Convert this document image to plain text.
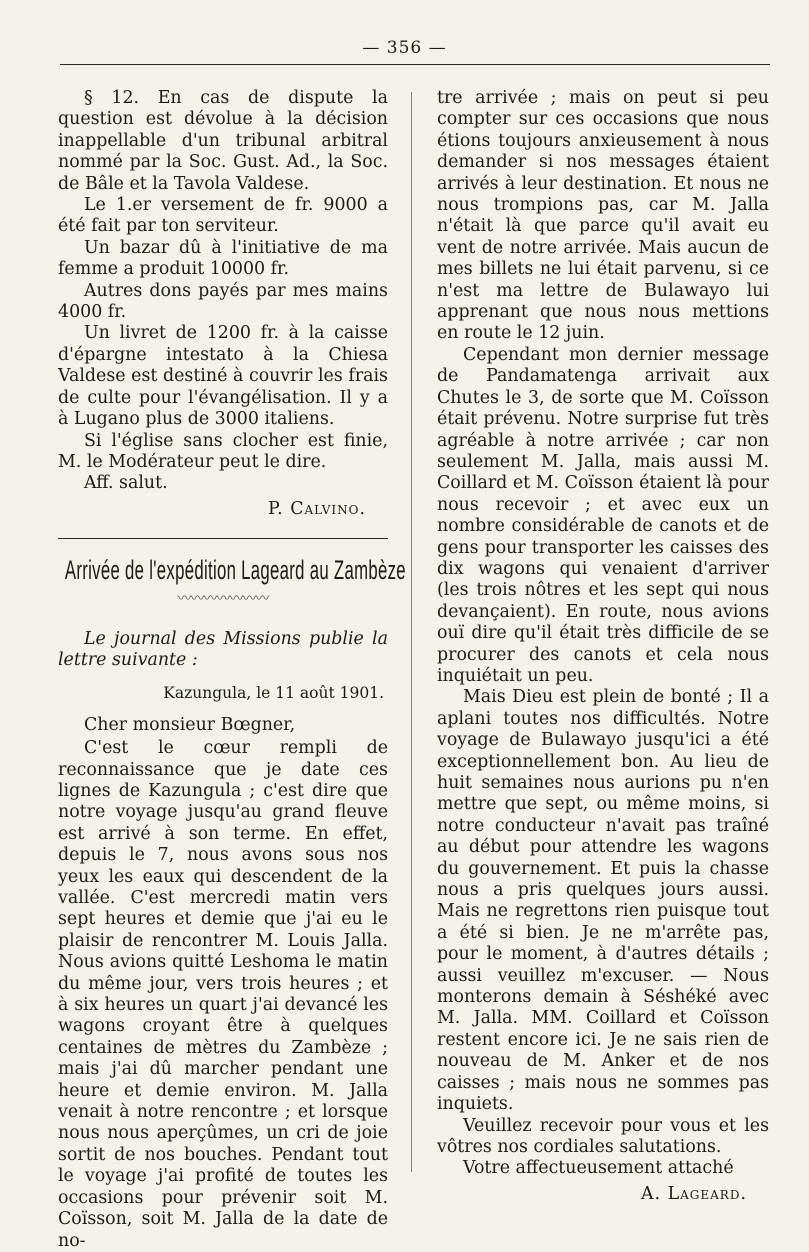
— 356 —

§ 12. En cas de dispute la question est dévolue à la décision inappellable d'un tribunal arbitral nommé par la Soc. Gust. Ad., la Soc. de Bâle et la Tavola Valdese.

Le 1.er versement de fr. 9000 a été fait par ton serviteur.

Un bazar dû à l'initiative de ma femme a produit 10000 fr.

Autres dons payés par mes mains 4000 fr.

Un livret de 1200 fr. à la caisse d'épargne intestato à la Chiesa Valdese est destiné à couvrir les frais de culte pour l'évangélisation. Il y a à Lugano plus de 3000 italiens.

Si l'église sans clocher est finie, M. le Modérateur peut le dire.

Aff. salut.

P. Calvino.

Arrivée de l'expédition Lageard au Zambèze
〰〰〰〰〰〰〰

Le journal des Missions publie la lettre suivante :

Kazungula, le 11 août 1901.

Cher monsieur Bœgner,

C'est le cœur rempli de reconnaissance que je date ces lignes de Kazungula ; c'est dire que notre voyage jusqu'au grand fleuve est arrivé à son terme. En effet, depuis le 7, nous avons sous nos yeux les eaux qui descendent de la vallée. C'est mercredi matin vers sept heures et demie que j'ai eu le plaisir de rencontrer M. Louis Jalla. Nous avions quitté Leshoma le matin du même jour, vers trois heures ; et à six heures un quart j'ai devancé les wagons croyant être à quelques centaines de mètres du Zambèze ; mais j'ai dû marcher pendant une heure et demie environ. M. Jalla venait à notre rencontre ; et lorsque nous nous aperçûmes, un cri de joie sortit de nos bouches. Pendant tout le voyage j'ai profité de toutes les occasions pour prévenir soit M. Coïsson, soit M. Jalla de la date de no-

tre arrivée ; mais on peut si peu compter sur ces occasions que nous étions toujours anxieusement à nous demander si nos messages étaient arrivés à leur destination. Et nous ne nous trompions pas, car M. Jalla n'était là que parce qu'il avait eu vent de notre arrivée. Mais aucun de mes billets ne lui était parvenu, si ce n'est ma lettre de Bulawayo lui apprenant que nous nous mettions en route le 12 juin.

Cependant mon dernier message de Pandamatenga arrivait aux Chutes le 3, de sorte que M. Coïsson était prévenu. Notre surprise fut très agréable à notre arrivée ; car non seulement M. Jalla, mais aussi M. Coillard et M. Coïsson étaient là pour nous recevoir ; et avec eux un nombre considérable de canots et de gens pour transporter les caisses des dix wagons qui venaient d'arriver (les trois nôtres et les sept qui nous devançaient). En route, nous avions ouï dire qu'il était très difficile de se procurer des canots et cela nous inquiétait un peu.

Mais Dieu est plein de bonté ; Il a aplani toutes nos difficultés. Notre voyage de Bulawayo jusqu'ici a été exceptionnellement bon. Au lieu de huit semaines nous aurions pu n'en mettre que sept, ou même moins, si notre conducteur n'avait pas traîné au début pour attendre les wagons du gouvernement. Et puis la chasse nous a pris quelques jours aussi. Mais ne regrettons rien puisque tout a été si bien. Je ne m'arrête pas, pour le moment, à d'autres détails ; aussi veuillez m'excuser. — Nous monterons demain à Séshéké avec M. Jalla. MM. Coillard et Coïsson restent encore ici. Je ne sais rien de nouveau de M. Anker et de nos caisses ; mais nous ne sommes pas inquiets.

Veuillez recevoir pour vous et les vôtres nos cordiales salutations.

Votre affectueusement attaché

A. Lageard.
